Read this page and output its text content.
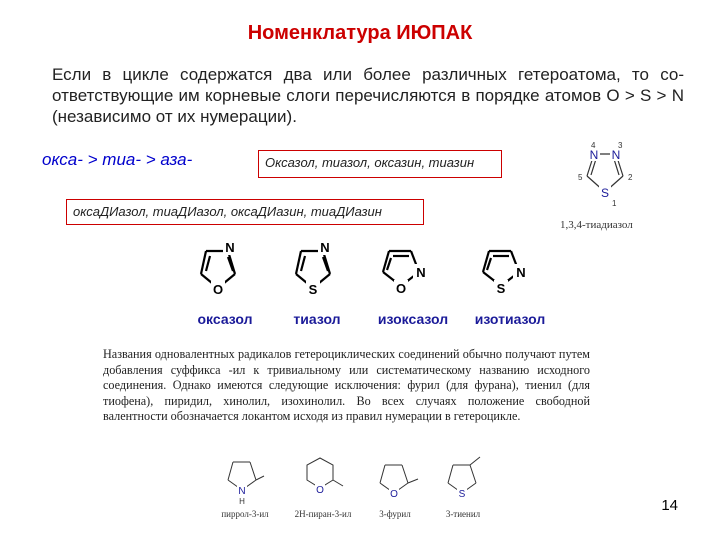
Номенклатура ИЮПАК
Если в цикле содержатся два или более различных гетероатома, то со-ответствующие им корневые слоги перечисляются в порядке атомов O > S > N (независимо от их нумерации).
окса- > тиа- > аза-	Оксазол, тиазол, оксазин, тиазин
оксаДИазол, тиаДИазол, оксаДИазин, тиаДИазин
N N
S
4	3
5	2
1
1,3,4-тиадиазол
N
O
N
S
N
O
N
S
оксазол	тиазол	изоксазол	изотиазол
Названия одновалентных радикалов гетероциклических соединений обычно получают путем добавления суффикса -ил к тривиальному или систематическому названию исходного соединения. Однако имеются следующие исключения: фурил (для фурана), тиенил (для тиофена), пиридил, хинолил, изохинолил. Во всех случаях положение свободной валентности обозначается локантом исходя из правил нумерации в гетероцикле.
N
H
O	O	S
пиррол-3-ил	2H-пиран-3-ил	3-фурил	3-тиенил	14
